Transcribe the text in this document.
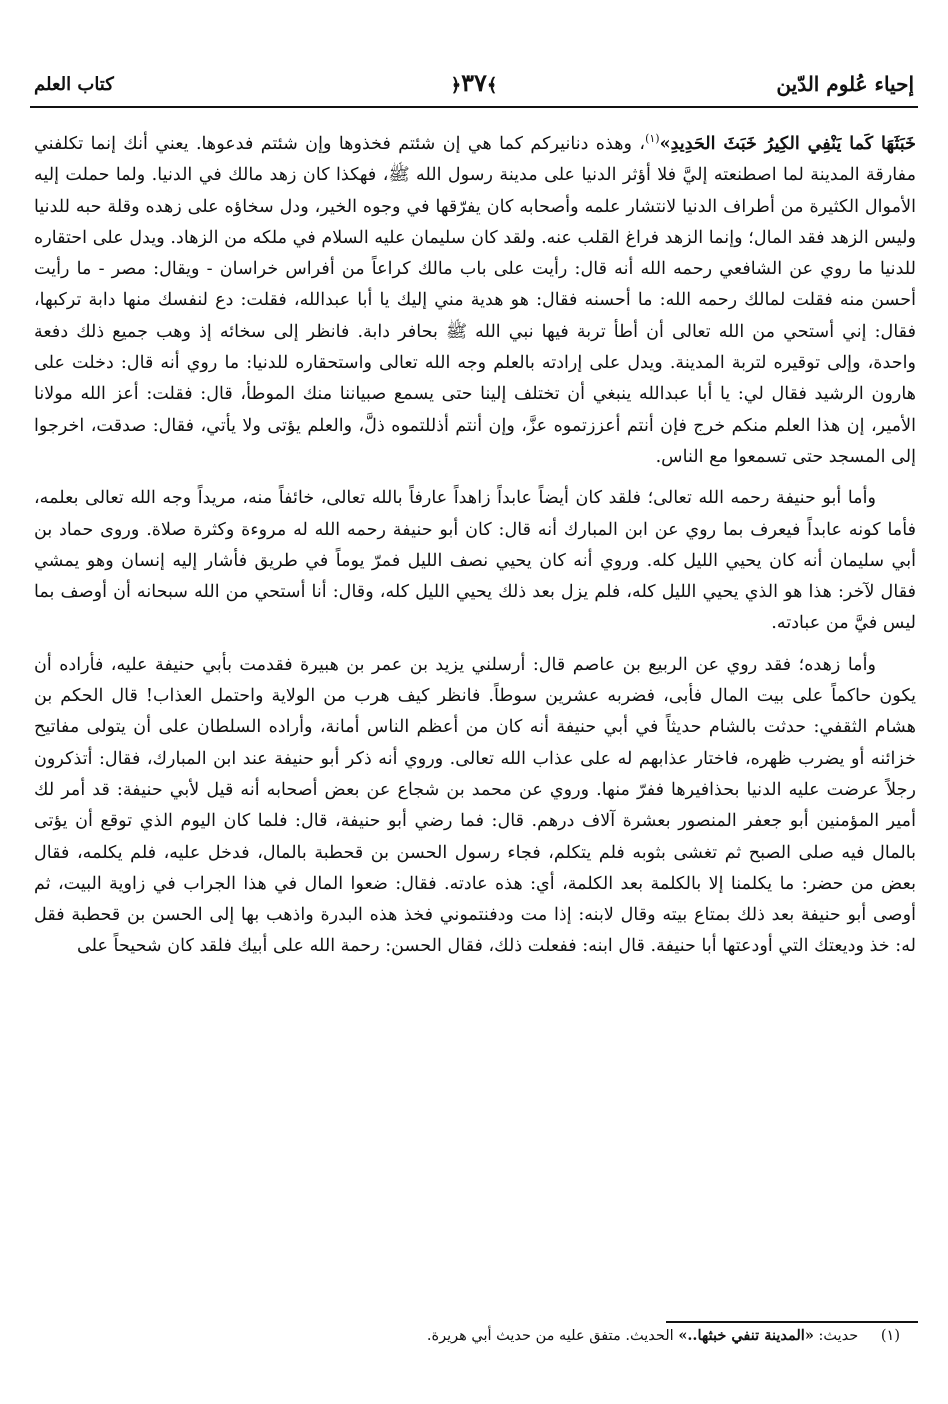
إحياء عُلوم الدّين
﴿٣٧﴾
كتاب العلم

خَبَثَهَا كَما يَنْفِي الكِيرُ خَبَثَ الحَدِيدِ»$^{(١)}$، وهذه دنانيركم كما هي إن شئتم فخذوها وإن شئتم فدعوها. يعني أنك إنما تكلفني مفارقة المدينة لما اصطنعته إليَّ فلا أؤثر الدنيا على مدينة رسول الله ﷺ، فهكذا كان زهد مالك في الدنيا. ولما حملت إليه الأموال الكثيرة من أطراف الدنيا لانتشار علمه وأصحابه كان يفرّقها في وجوه الخير، ودل سخاؤه على زهده وقلة حبه للدنيا وليس الزهد فقد المال؛ وإنما الزهد فراغ القلب عنه. ولقد كان سليمان عليه السلام في ملكه من الزهاد. ويدل على احتقاره للدنيا ما روي عن الشافعي رحمه الله أنه قال: رأيت على باب مالك كراعاً من أفراس خراسان - ويقال: مصر - ما رأيت أحسن منه فقلت لمالك رحمه الله: ما أحسنه فقال: هو هدية مني إليك يا أبا عبدالله، فقلت: دع لنفسك منها دابة تركبها، فقال: إني أستحي من الله تعالى أن أطأ تربة فيها نبي الله ﷺ بحافر دابة. فانظر إلى سخائه إذ وهب جميع ذلك دفعة واحدة، وإلى توقيره لتربة المدينة. ويدل على إرادته بالعلم وجه الله تعالى واستحقاره للدنيا: ما روي أنه قال: دخلت على هارون الرشيد فقال لي: يا أبا عبدالله ينبغي أن تختلف إلينا حتى يسمع صبياننا منك الموطأ، قال: فقلت: أعز الله مولانا الأمير، إن هذا العلم منكم خرج فإن أنتم أعززتموه عزَّ، وإن أنتم أذللتموه ذلَّ، والعلم يؤتى ولا يأتي، فقال: صدقت، اخرجوا إلى المسجد حتى تسمعوا مع الناس.

وأما أبو حنيفة رحمه الله تعالى؛ فلقد كان أيضاً عابداً زاهداً عارفاً بالله تعالى، خائفاً منه، مريداً وجه الله تعالى بعلمه، فأما كونه عابداً فيعرف بما روي عن ابن المبارك أنه قال: كان أبو حنيفة رحمه الله له مروءة وكثرة صلاة. وروى حماد بن أبي سليمان أنه كان يحيي الليل كله. وروي أنه كان يحيي نصف الليل فمرّ يوماً في طريق فأشار إليه إنسان وهو يمشي فقال لآخر: هذا هو الذي يحيي الليل كله، فلم يزل بعد ذلك يحيي الليل كله، وقال: أنا أستحي من الله سبحانه أن أوصف بما ليس فيَّ من عبادته.

وأما زهده؛ فقد روي عن الربيع بن عاصم قال: أرسلني يزيد بن عمر بن هبيرة فقدمت بأبي حنيفة عليه، فأراده أن يكون حاكماً على بيت المال فأبى، فضربه عشرين سوطاً. فانظر كيف هرب من الولاية واحتمل العذاب! قال الحكم بن هشام الثقفي: حدثت بالشام حديثاً في أبي حنيفة أنه كان من أعظم الناس أمانة، وأراده السلطان على أن يتولى مفاتيح خزائنه أو يضرب ظهره، فاختار عذابهم له على عذاب الله تعالى. وروي أنه ذكر أبو حنيفة عند ابن المبارك، فقال: أتذكرون رجلاً عرضت عليه الدنيا بحذافيرها ففرّ منها. وروي عن محمد بن شجاع عن بعض أصحابه أنه قيل لأبي حنيفة: قد أمر لك أمير المؤمنين أبو جعفر المنصور بعشرة آلاف درهم. قال: فما رضي أبو حنيفة، قال: فلما كان اليوم الذي توقع أن يؤتى بالمال فيه صلى الصبح ثم تغشى بثوبه فلم يتكلم، فجاء رسول الحسن بن قحطبة بالمال، فدخل عليه، فلم يكلمه، فقال بعض من حضر: ما يكلمنا إلا بالكلمة بعد الكلمة، أي: هذه عادته. فقال: ضعوا المال في هذا الجراب في زاوية البيت، ثم أوصى أبو حنيفة بعد ذلك بمتاع بيته وقال لابنه: إذا مت ودفنتموني فخذ هذه البدرة واذهب بها إلى الحسن بن قحطبة فقل له: خذ وديعتك التي أودعتها أبا حنيفة. قال ابنه: ففعلت ذلك، فقال الحسن: رحمة الله على أبيك فلقد كان شحيحاً على

(١) حديث: «المدينة تنفي خبثها..» الحديث. متفق عليه من حديث أبي هريرة.
